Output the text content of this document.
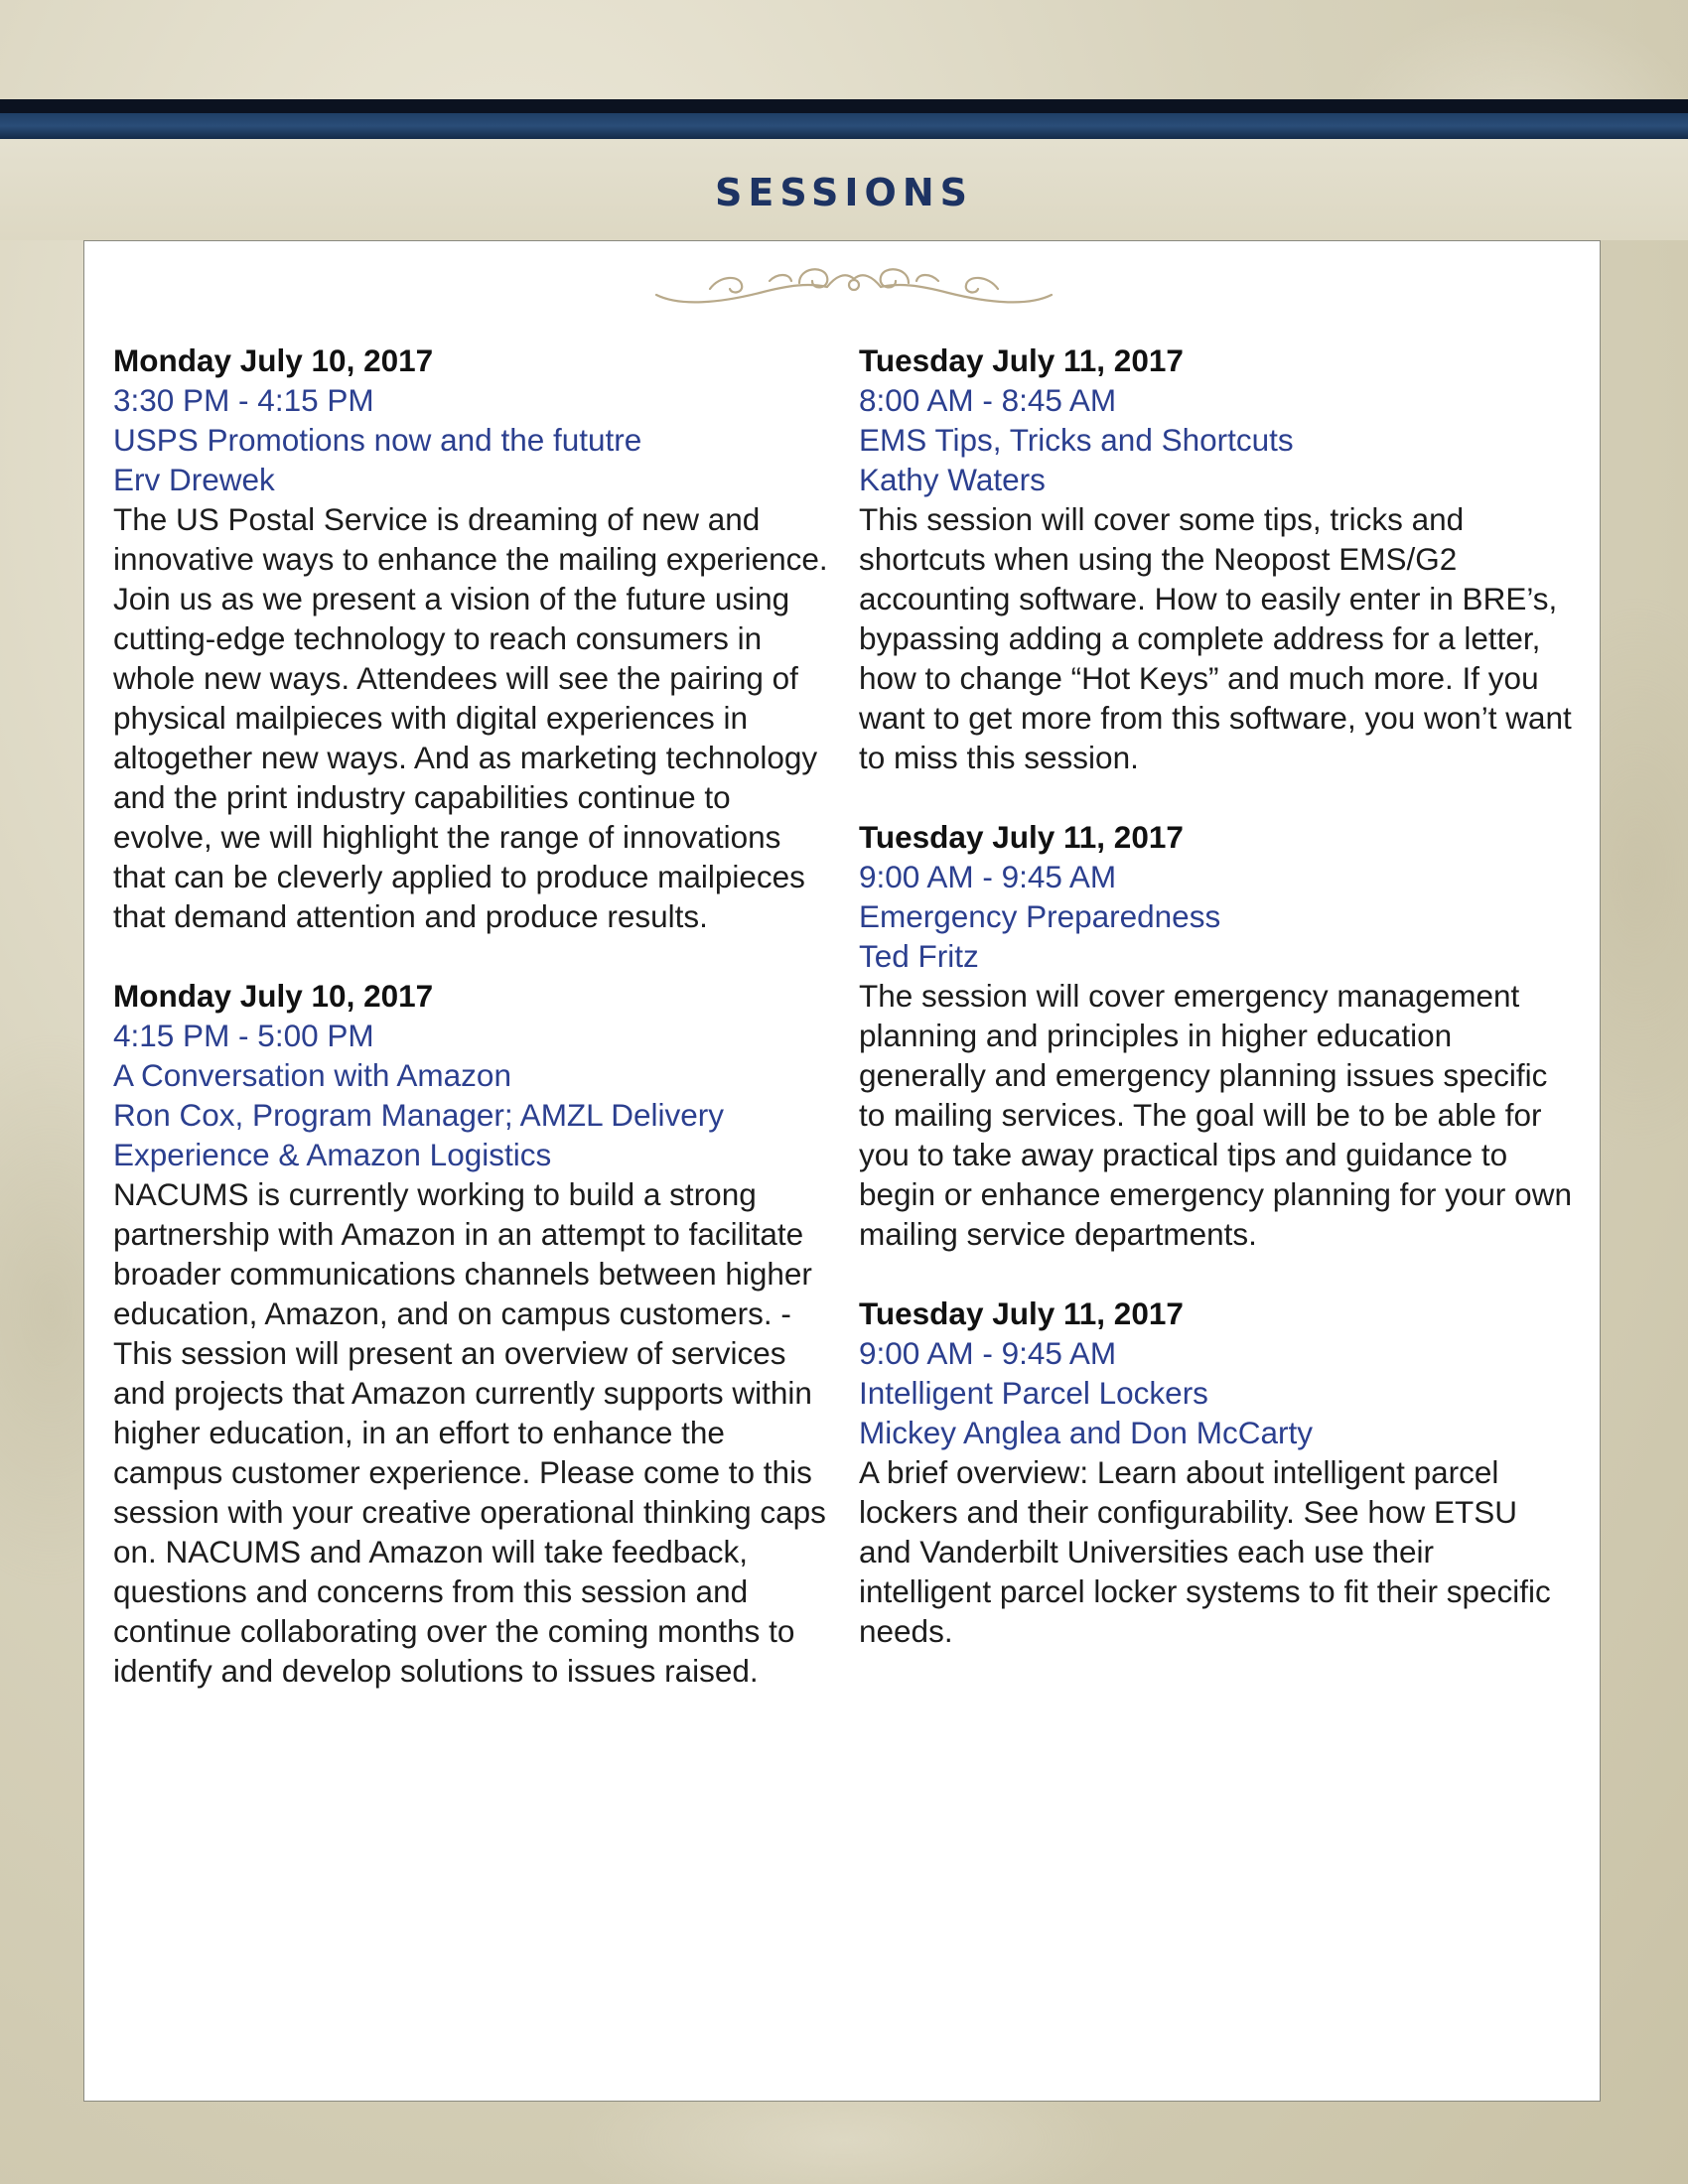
SESSIONS
Monday July 10, 2017
3:30 PM - 4:15 PM
USPS Promotions now and the fututre
Erv Drewek
The US Postal Service is dreaming of new and innovative ways to enhance the mailing experience. Join us as we present a vision of the future using cutting-edge technology to reach consumers in whole new ways. Attendees will see the pairing of physical mailpieces with digital experiences in altogether new ways. And as marketing technology and the print industry capabilities continue to evolve, we will highlight the range of innovations that can be cleverly applied to produce mailpieces that demand attention and produce results.
Monday July 10, 2017
4:15 PM - 5:00 PM
A Conversation with Amazon
Ron Cox, Program Manager; AMZL Delivery Experience & Amazon Logistics
NACUMS is currently working to build a strong partnership with Amazon in an attempt to facilitate broader communications channels between higher education, Amazon, and on campus customers. - This session will present an overview of services and projects that Amazon currently supports within higher education, in an effort to enhance the campus customer experience. Please come to this session with your creative operational thinking caps on. NACUMS and Amazon will take feedback, questions and concerns from this session and continue collaborating over the coming months to identify and develop solutions to issues raised.
Tuesday July 11, 2017
8:00 AM - 8:45 AM
EMS Tips, Tricks and Shortcuts
Kathy Waters
This session will cover some tips, tricks and shortcuts when using the Neopost EMS/G2 accounting software. How to easily enter in BRE’s, bypassing adding a complete address for a letter, how to change “Hot Keys” and much more. If you want to get more from this software, you won’t want to miss this session.
Tuesday July 11, 2017
9:00 AM - 9:45 AM
Emergency Preparedness
Ted Fritz
The session will cover emergency management planning and principles in higher education generally and emergency planning issues specific to mailing services. The goal will be to be able for you to take away practical tips and guidance to begin or enhance emergency planning for your own mailing service departments.
Tuesday July 11, 2017
9:00 AM - 9:45 AM
Intelligent Parcel Lockers
Mickey Anglea and Don McCarty
A brief overview: Learn about intelligent parcel lockers and their configurability. See how ETSU and Vanderbilt Universities each use their intelligent parcel locker systems to fit their specific needs.
